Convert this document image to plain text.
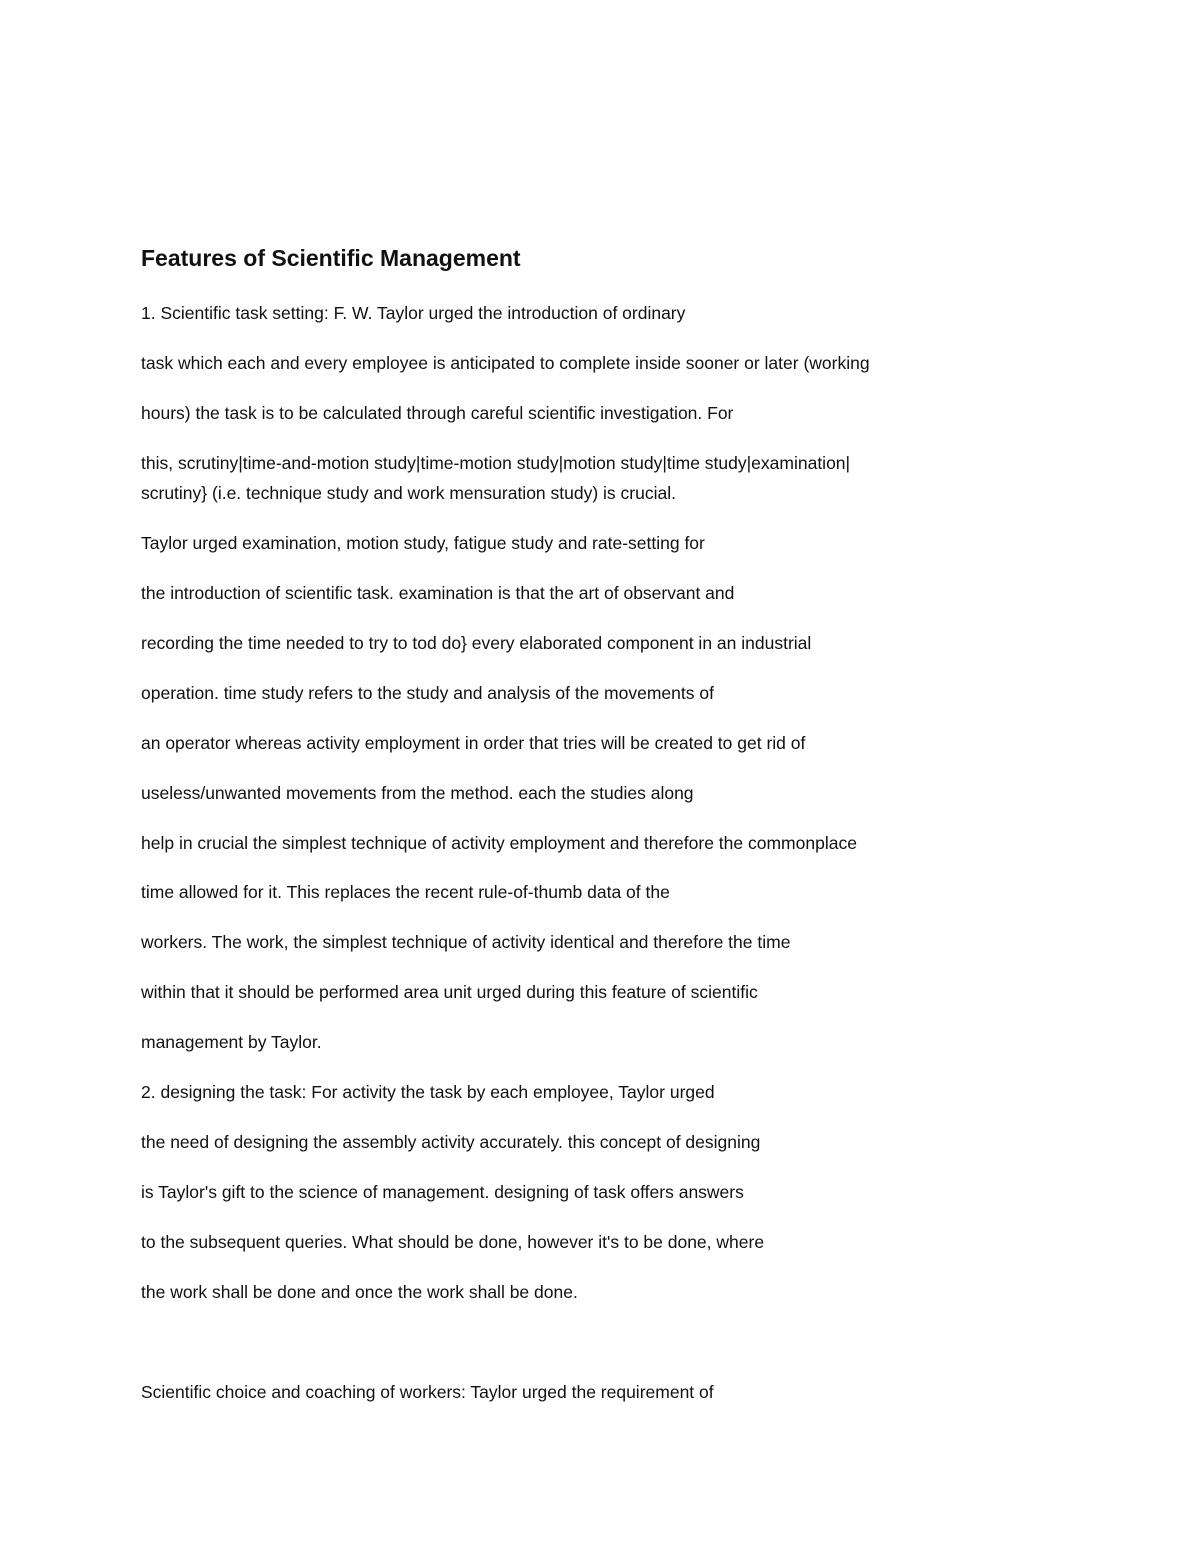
Features of Scientific Management
1. Scientific task setting: F. W. Taylor urged the introduction of ordinary
task which each and every employee is anticipated to complete inside sooner or later (working
hours) the task is to be calculated through careful scientific investigation. For
this, scrutiny|time-and-motion study|time-motion study|motion study|time study|examination|
scrutiny} (i.e. technique study and work mensuration study) is crucial.
Taylor urged examination, motion study, fatigue study and rate-setting for
the introduction of scientific task. examination is that the art of observant and
recording the time needed to try to tod do} every elaborated component in an industrial
operation. time study refers to the study and analysis of the movements of
an operator whereas activity employment in order that tries will be created to get rid of
useless/unwanted movements from the method. each the studies along
help in crucial the simplest technique of activity employment and therefore the commonplace
time allowed for it. This replaces the recent rule-of-thumb data of the
workers. The work, the simplest technique of activity identical and therefore the time
within that it should be performed area unit urged during this feature of scientific
management by Taylor.
2. designing the task: For activity the task by each employee, Taylor urged
the need of designing the assembly activity accurately. this concept of designing
is Taylor's gift to the science of management. designing of task offers answers
to the subsequent queries. What should be done, however it's to be done, where
the work shall be done and once the work shall be done.
Scientific choice and coaching of workers: Taylor urged the requirement of
